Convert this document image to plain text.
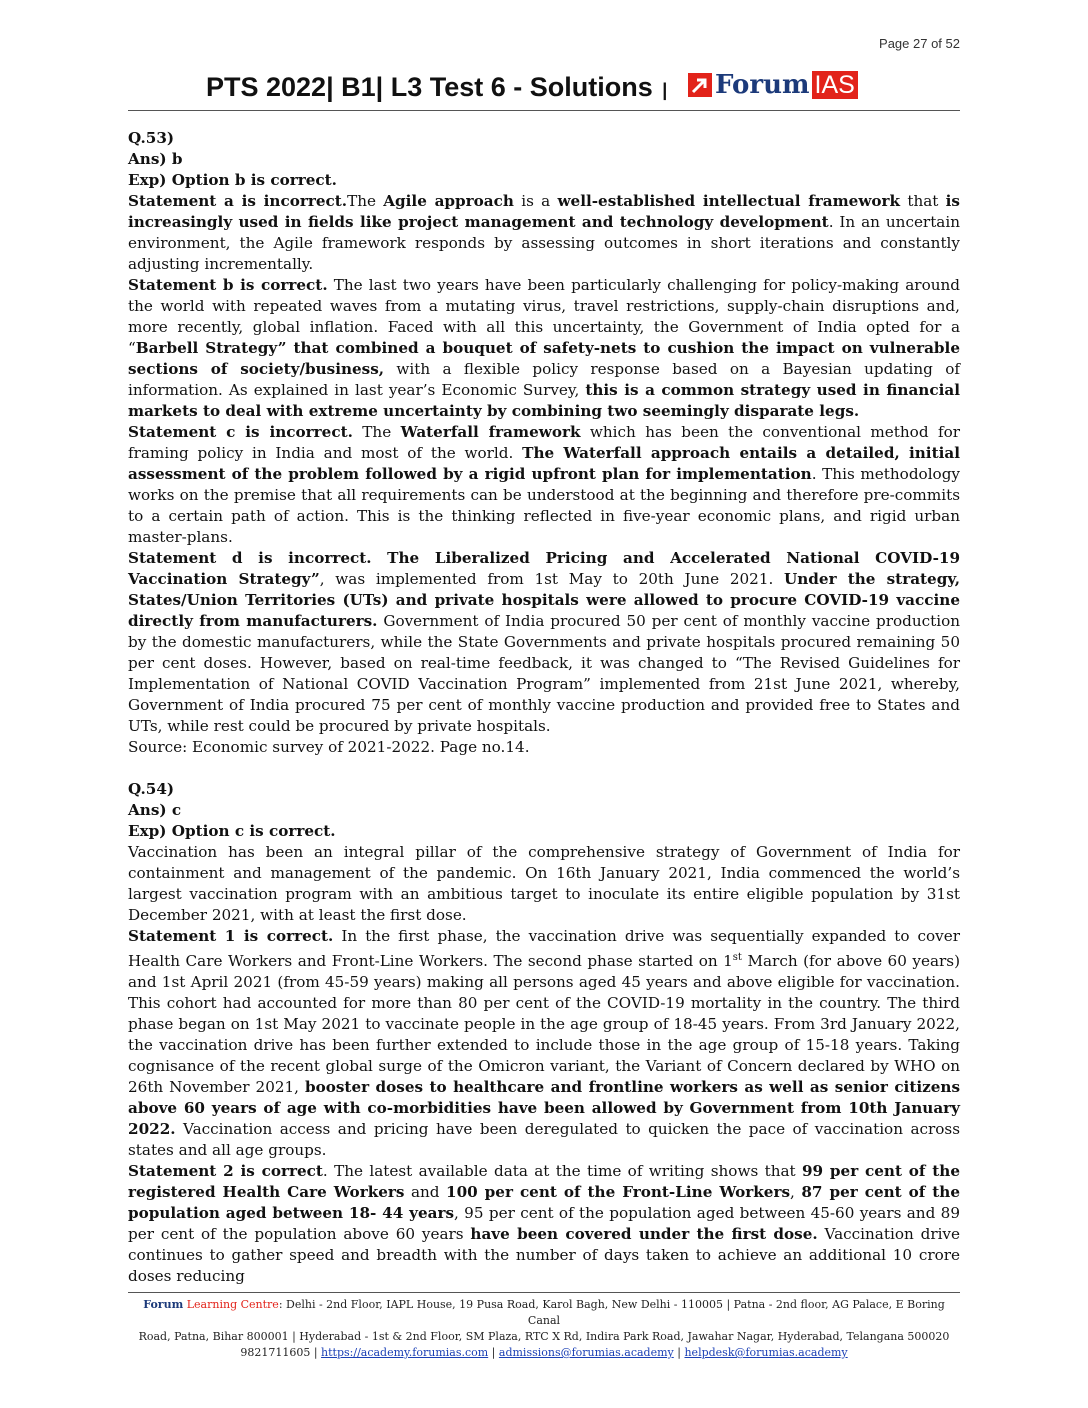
Page 27 of 52
PTS 2022| B1| L3 Test 6 - Solutions | Forum IAS

Q.53)

Ans) b

Exp) Option b is correct.

Statement a is incorrect.The Agile approach is a well-established intellectual framework that is increasingly used in fields like project management and technology development. In an uncertain environment, the Agile framework responds by assessing outcomes in short iterations and constantly adjusting incrementally.

Statement b is correct. The last two years have been particularly challenging for policy-making around the world with repeated waves from a mutating virus, travel restrictions, supply-chain disruptions and, more recently, global inflation. Faced with all this uncertainty, the Government of India opted for a “Barbell Strategy” that combined a bouquet of safety-nets to cushion the impact on vulnerable sections of society/business, with a flexible policy response based on a Bayesian updating of information. As explained in last year’s Economic Survey, this is a common strategy used in financial markets to deal with extreme uncertainty by combining two seemingly disparate legs.

Statement c is incorrect. The Waterfall framework which has been the conventional method for framing policy in India and most of the world. The Waterfall approach entails a detailed, initial assessment of the problem followed by a rigid upfront plan for implementation. This methodology works on the premise that all requirements can be understood at the beginning and therefore pre-commits to a certain path of action. This is the thinking reflected in five-year economic plans, and rigid urban master-plans.

Statement d is incorrect. The Liberalized Pricing and Accelerated National COVID-19 Vaccination Strategy”, was implemented from 1st May to 20th June 2021. Under the strategy, States/Union Territories (UTs) and private hospitals were allowed to procure COVID-19 vaccine directly from manufacturers. Government of India procured 50 per cent of monthly vaccine production by the domestic manufacturers, while the State Governments and private hospitals procured remaining 50 per cent doses. However, based on real-time feedback, it was changed to “The Revised Guidelines for Implementation of National COVID Vaccination Program” implemented from 21st June 2021, whereby, Government of India procured 75 per cent of monthly vaccine production and provided free to States and UTs, while rest could be procured by private hospitals.

Source: Economic survey of 2021-2022. Page no.14.

Q.54)

Ans) c

Exp) Option c is correct.

Vaccination has been an integral pillar of the comprehensive strategy of Government of India for containment and management of the pandemic. On 16th January 2021, India commenced the world’s largest vaccination program with an ambitious target to inoculate its entire eligible population by 31st December 2021, with at least the first dose.

Statement 1 is correct. In the first phase, the vaccination drive was sequentially expanded to cover Health Care Workers and Front-Line Workers. The second phase started on 1st March (for above 60 years) and 1st April 2021 (from 45-59 years) making all persons aged 45 years and above eligible for vaccination. This cohort had accounted for more than 80 per cent of the COVID-19 mortality in the country. The third phase began on 1st May 2021 to vaccinate people in the age group of 18-45 years. From 3rd January 2022, the vaccination drive has been further extended to include those in the age group of 15-18 years. Taking cognisance of the recent global surge of the Omicron variant, the Variant of Concern declared by WHO on 26th November 2021, booster doses to healthcare and frontline workers as well as senior citizens above 60 years of age with co-morbidities have been allowed by Government from 10th January 2022. Vaccination access and pricing have been deregulated to quicken the pace of vaccination across states and all age groups.

Statement 2 is correct. The latest available data at the time of writing shows that 99 per cent of the registered Health Care Workers and 100 per cent of the Front-Line Workers, 87 per cent of the population aged between 18- 44 years, 95 per cent of the population aged between 45-60 years and 89 per cent of the population above 60 years have been covered under the first dose. Vaccination drive continues to gather speed and breadth with the number of days taken to achieve an additional 10 crore doses reducing

Forum Learning Centre: Delhi - 2nd Floor, IAPL House, 19 Pusa Road, Karol Bagh, New Delhi - 110005 | Patna - 2nd floor, AG Palace, E Boring Canal
Road, Patna, Bihar 800001 | Hyderabad - 1st & 2nd Floor, SM Plaza, RTC X Rd, Indira Park Road, Jawahar Nagar, Hyderabad, Telangana 500020
9821711605 | https://academy.forumias.com | admissions@forumias.academy | helpdesk@forumias.academy
